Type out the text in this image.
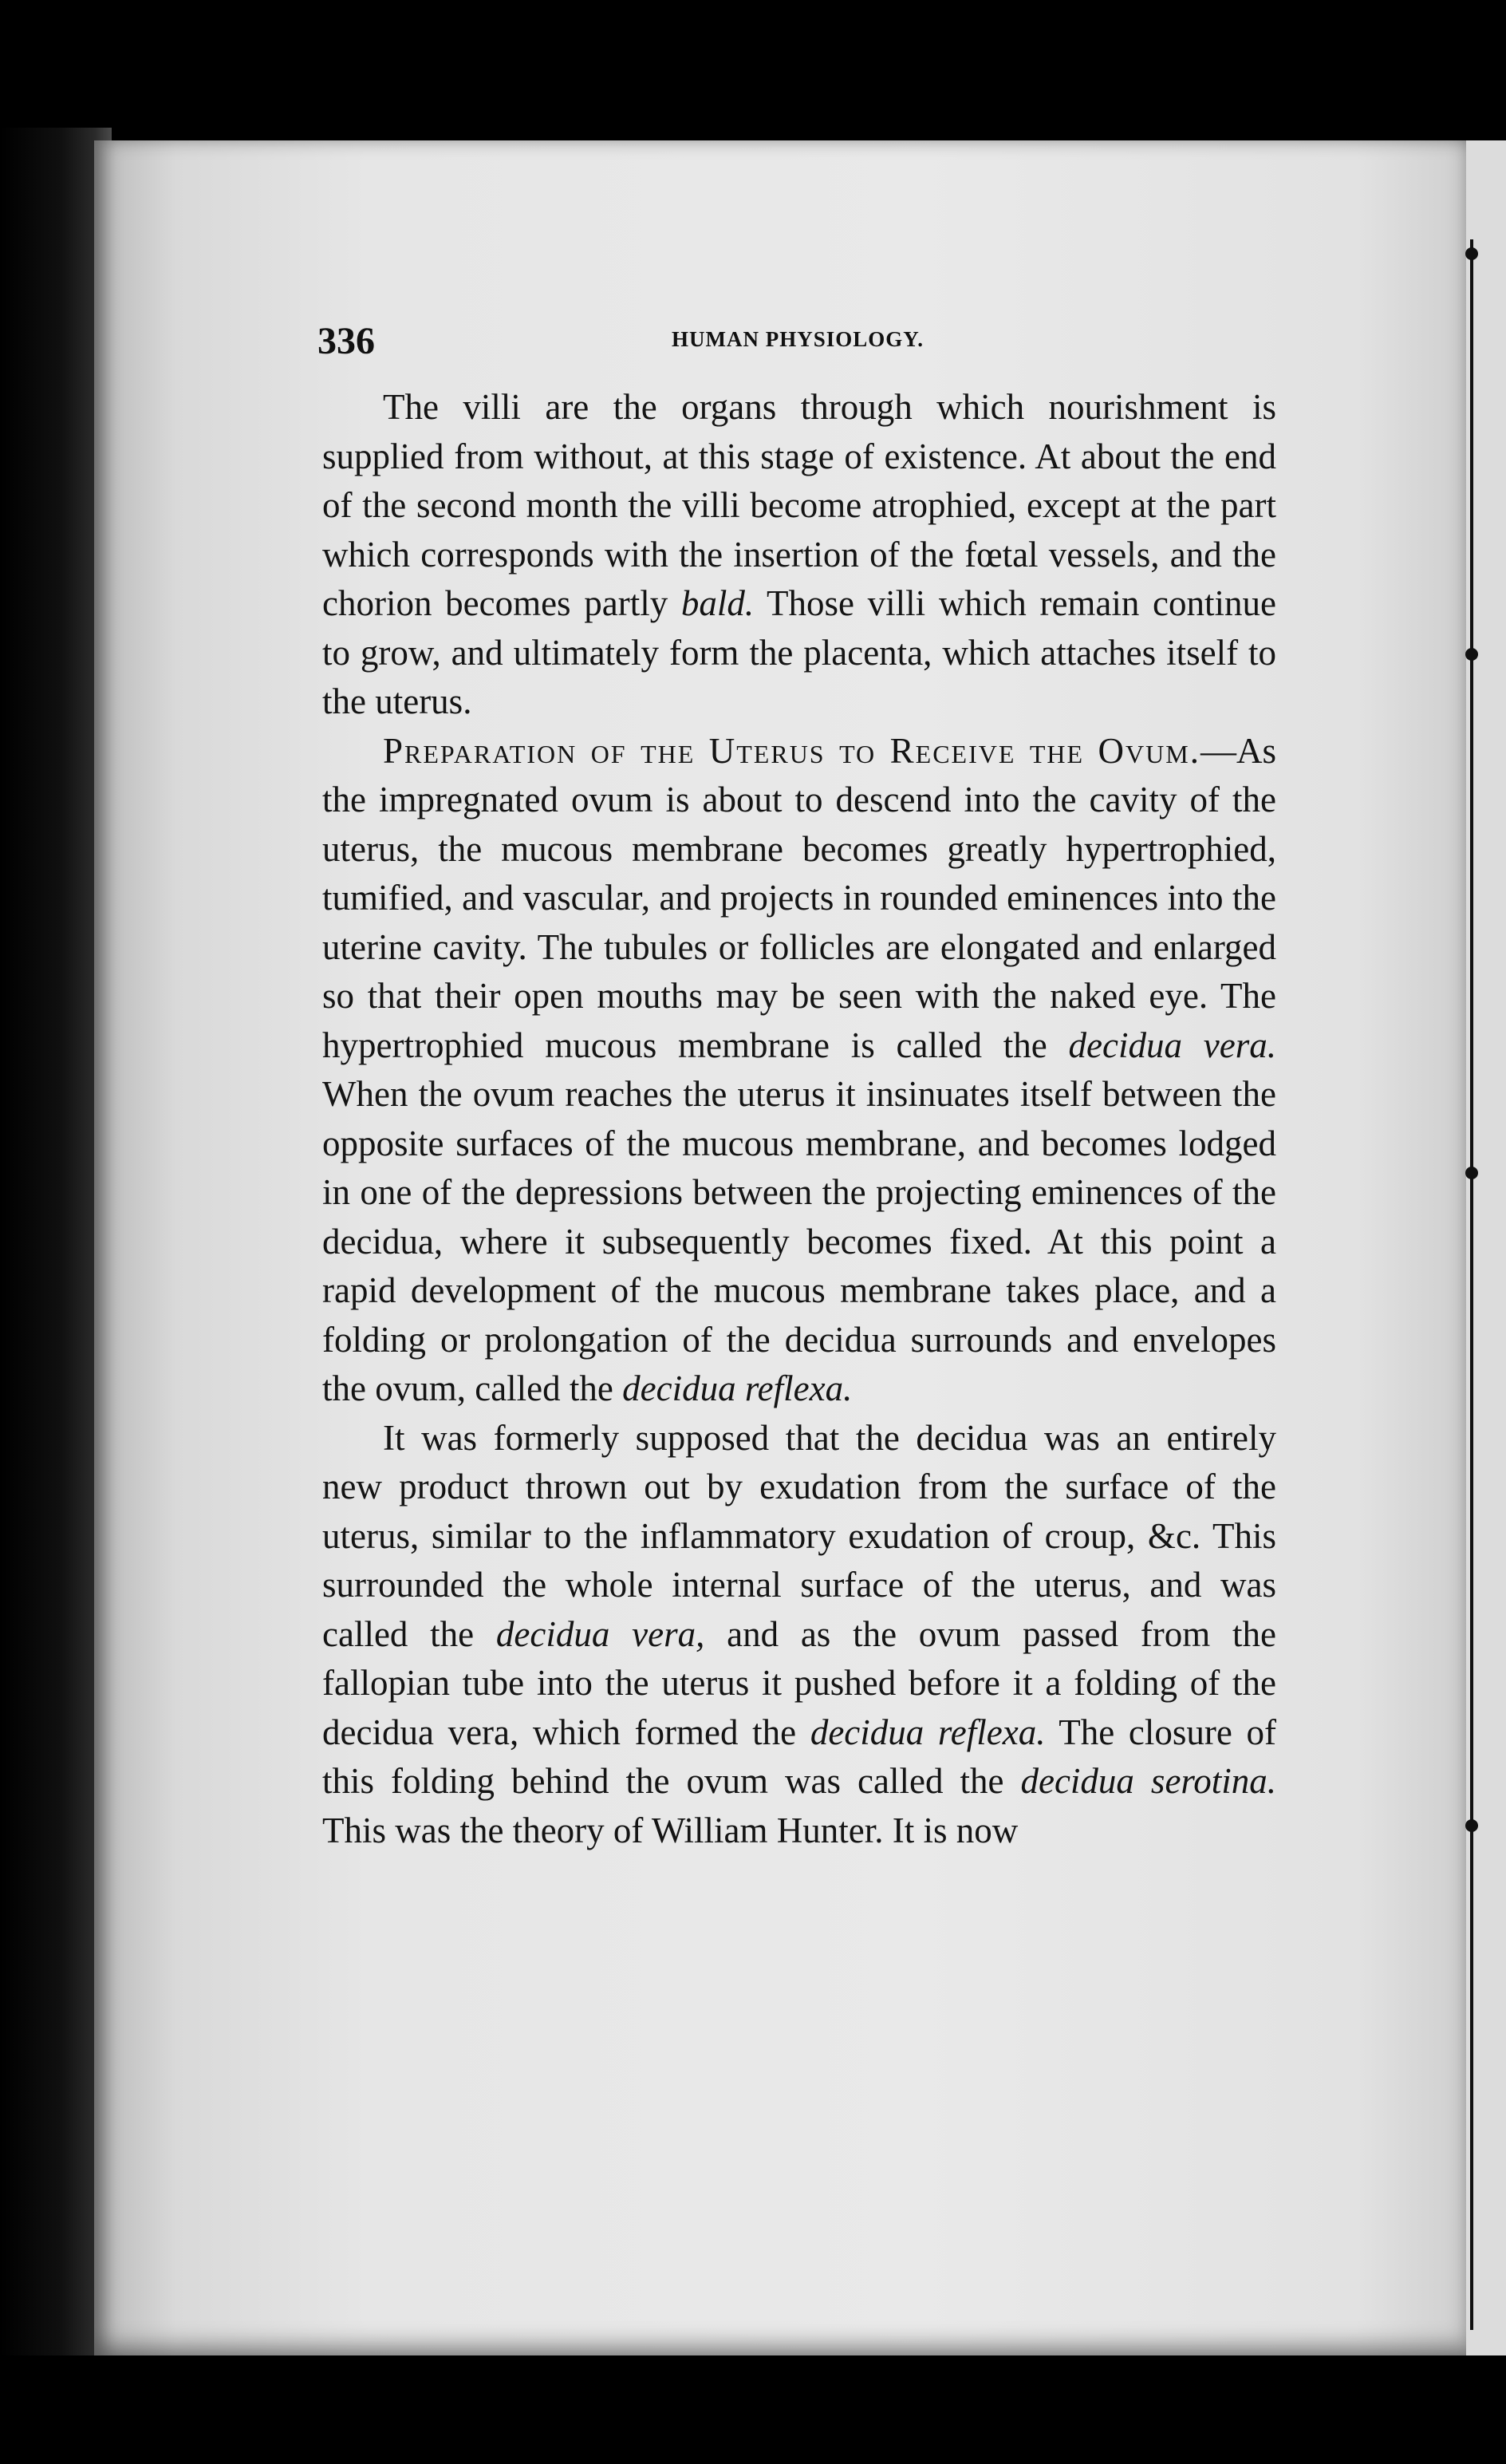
336	HUMAN PHYSIOLOGY.

The villi are the organs through which nourishment is supplied from without, at this stage of existence. At about the end of the second month the villi become atrophied, except at the part which corresponds with the insertion of the fœtal vessels, and the chorion becomes partly bald. Those villi which remain continue to grow, and ultimately form the placenta, which attaches itself to the uterus.

Preparation of the Uterus to Receive the Ovum.—As the impregnated ovum is about to descend into the cavity of the uterus, the mucous membrane becomes greatly hypertrophied, tumified, and vascular, and projects in rounded eminences into the uterine cavity. The tubules or follicles are elongated and enlarged so that their open mouths may be seen with the naked eye. The hypertrophied mucous membrane is called the decidua vera. When the ovum reaches the uterus it insinuates itself between the opposite surfaces of the mucous membrane, and becomes lodged in one of the depressions between the projecting eminences of the decidua, where it subsequently becomes fixed. At this point a rapid development of the mucous membrane takes place, and a folding or prolongation of the decidua surrounds and envelopes the ovum, called the decidua reflexa.

It was formerly supposed that the decidua was an entirely new product thrown out by exudation from the surface of the uterus, similar to the inflammatory exudation of croup, &c. This surrounded the whole internal surface of the uterus, and was called the decidua vera, and as the ovum passed from the fallopian tube into the uterus it pushed before it a folding of the decidua vera, which formed the decidua reflexa. The closure of this folding behind the ovum was called the decidua serotina. This was the theory of William Hunter. It is now
